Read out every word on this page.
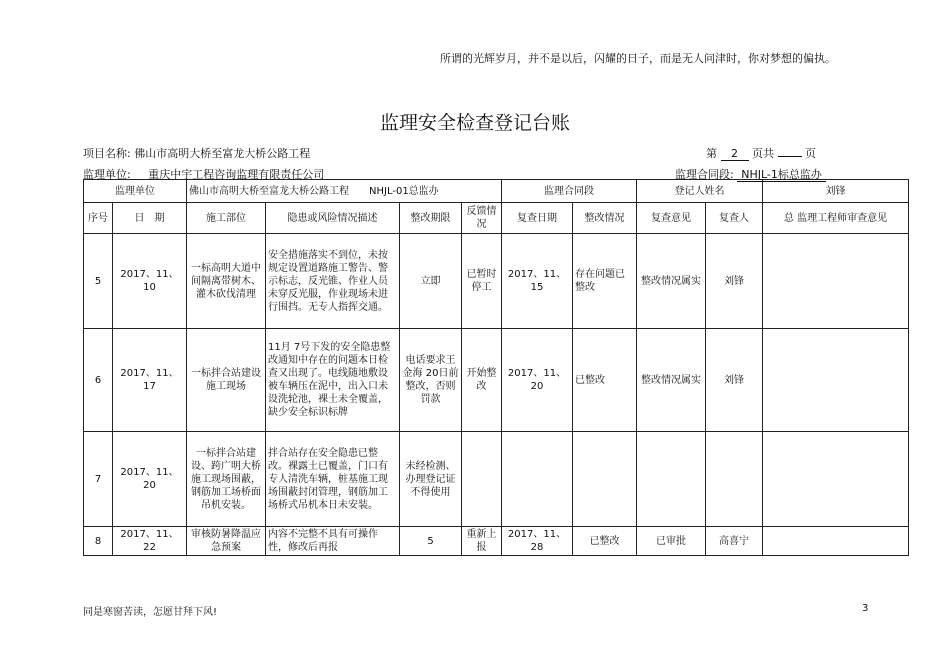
所谓的光辉岁月，并不是以后，闪耀的日子，而是无人问津时，你对梦想的偏执。
监理安全检查登记台账
项目名称: 佛山市高明大桥至富龙大桥公路工程	第 2 页共	页
监理单位: 重庆中宇工程咨询监理有限责任公司	监理合同段: NHJL-1标总监办
监理单位		佛山市高明大桥至富龙大桥公路工程　　NHJL-01总监办				监理合同段		登记人姓名		刘锋
序号	日　期	施工部位	隐患或风险情况描述	整改期限	反馈情况	复查日期	整改情况	复查意见	复查人	总 监理工程师审查意见
5	2017、11、10	一标高明大道中间隔离带树木、灌木砍伐清理	安全措施落实不到位，未按规定设置道路施工警告、警示标志，反光锥、作业人员未穿反光服，作业现场未进行围挡。无专人指挥交通。	立即	已暂时停工	2017、11、15	存在问题已整改	整改情况属实	刘锋	
6	2017、11、17	一标拌合站建设施工现场	11月 7号下发的安全隐患整改通知中存在的问题本日检查又出现了。电线随地敷设被车辆压在泥中，出入口未设洗轮池，裸土未全覆盖，缺少安全标识标牌	电话要求王金海 20日前整改，否则罚款	开始整改	2017、11、20	已整改	整改情况属实	刘锋	
7	2017、11、20	一标拌合站建设、跨广明大桥施工现场围蔽，钢筋加工场桥面吊机安装。	拌合站存在安全隐患已整改。裸露土已覆盖，门口有专人清洗车辆，桩基施工现场围蔽封闭管理，钢筋加工场桥式吊机本日未安装。	未经检测、办理登记证不得使用						
8	2017、11、22	审核防暑降温应急预案	内容不完整不具有可操作性，修改后再报	5	重新上报	2017、11、28	已整改	已审批	高喜宁	
同是寒窗苦读，怎愿甘拜下风!	3
